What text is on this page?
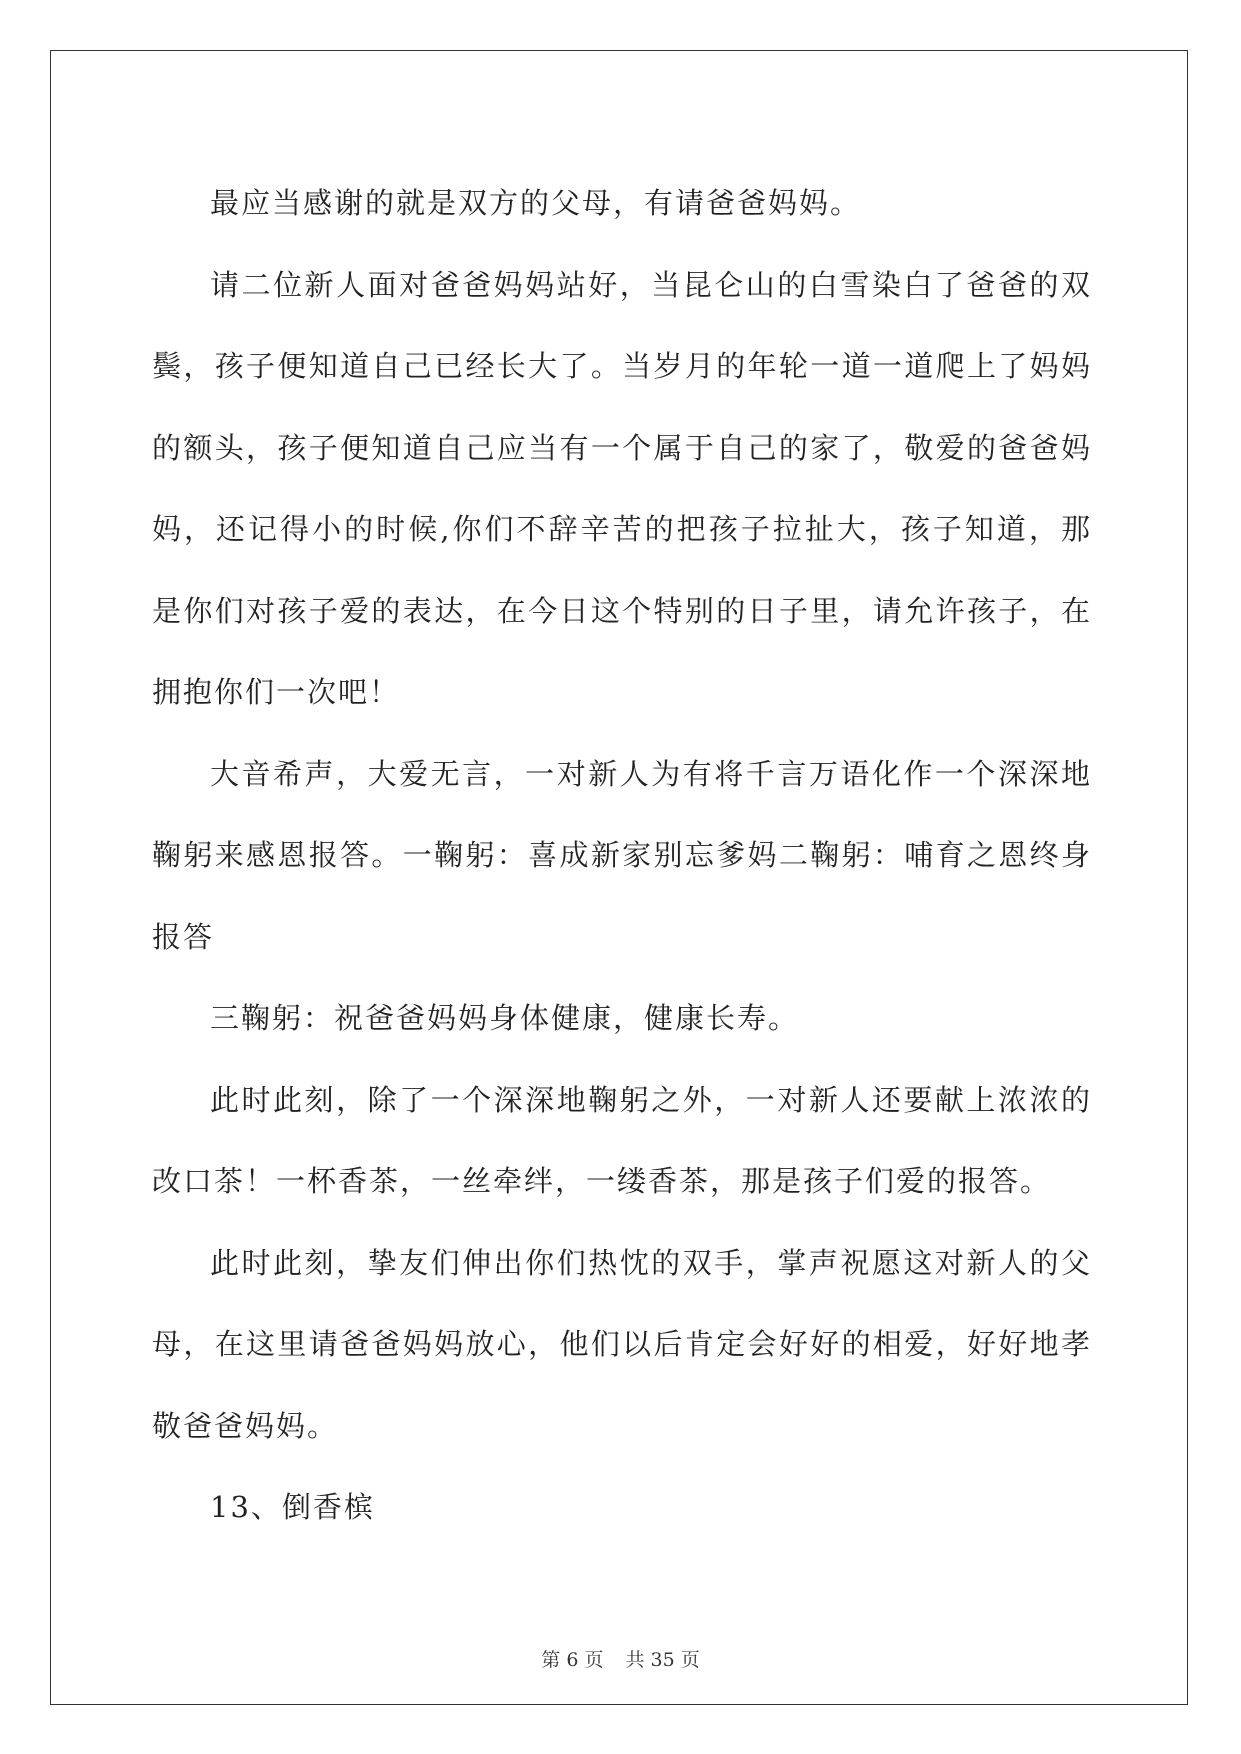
最应当感谢的就是双方的父母，有请爸爸妈妈。

请二位新人面对爸爸妈妈站好，当昆仑山的白雪染白了爸爸的双鬓，孩子便知道自己已经长大了。当岁月的年轮一道一道爬上了妈妈的额头，孩子便知道自己应当有一个属于自己的家了，敬爱的爸爸妈妈，还记得小的时候,你们不辞辛苦的把孩子拉扯大，孩子知道，那是你们对孩子爱的表达，在今日这个特别的日子里，请允许孩子，在拥抱你们一次吧！

大音希声，大爱无言，一对新人为有将千言万语化作一个深深地鞠躬来感恩报答。一鞠躬：喜成新家别忘爹妈二鞠躬：哺育之恩终身报答

三鞠躬：祝爸爸妈妈身体健康，健康长寿。

此时此刻，除了一个深深地鞠躬之外，一对新人还要献上浓浓的改口茶！一杯香茶，一丝牵绊，一缕香茶，那是孩子们爱的报答。

此时此刻，挚友们伸出你们热忱的双手，掌声祝愿这对新人的父母，在这里请爸爸妈妈放心，他们以后肯定会好好的相爱，好好地孝敬爸爸妈妈。

13、倒香槟

第 6 页 共 35 页
